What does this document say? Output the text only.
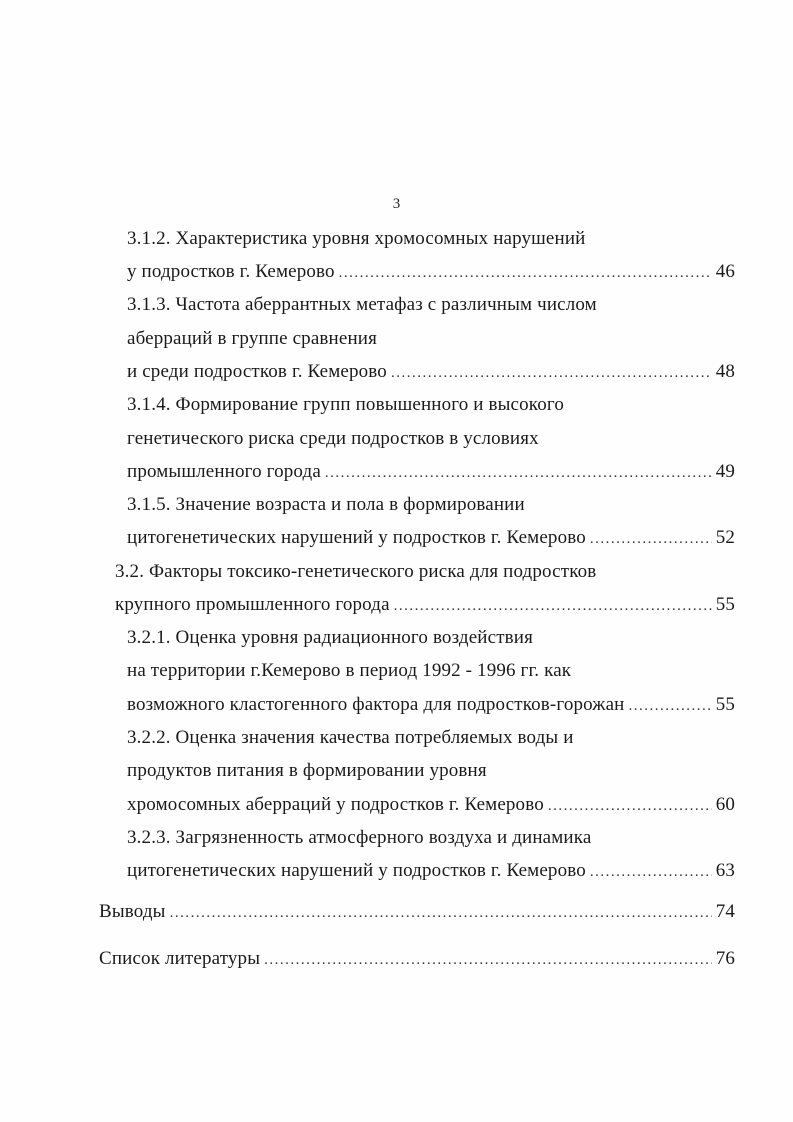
3
3.1.2. Характеристика уровня хромосомных нарушений
у подростков г. Кемерово .....	46
3.1.3. Частота аберрантных метафаз с различным числом
аберраций в группе сравнения
и среди подростков г. Кемерово .....	48
3.1.4. Формирование групп повышенного и высокого
генетического риска среди подростков в условиях
промышленного города .....	49
3.1.5. Значение возраста и пола в формировании
цитогенетических нарушений у подростков г. Кемерово .....	52
3.2. Факторы токсико-генетического риска для подростков
крупного промышленного города .....	55
3.2.1. Оценка уровня радиационного воздействия
на территории г.Кемерово в период 1992 - 1996 гг. как
возможного кластогенного фактора для подростков-горожан .....	55
3.2.2. Оценка значения качества потребляемых воды и
продуктов питания в формировании уровня
хромосомных аберраций у подростков г. Кемерово .....	60
3.2.3. Загрязненность атмосферного воздуха и динамика
цитогенетических нарушений у подростков г. Кемерово .....	63
Выводы .....	74
Список литературы .....	76
